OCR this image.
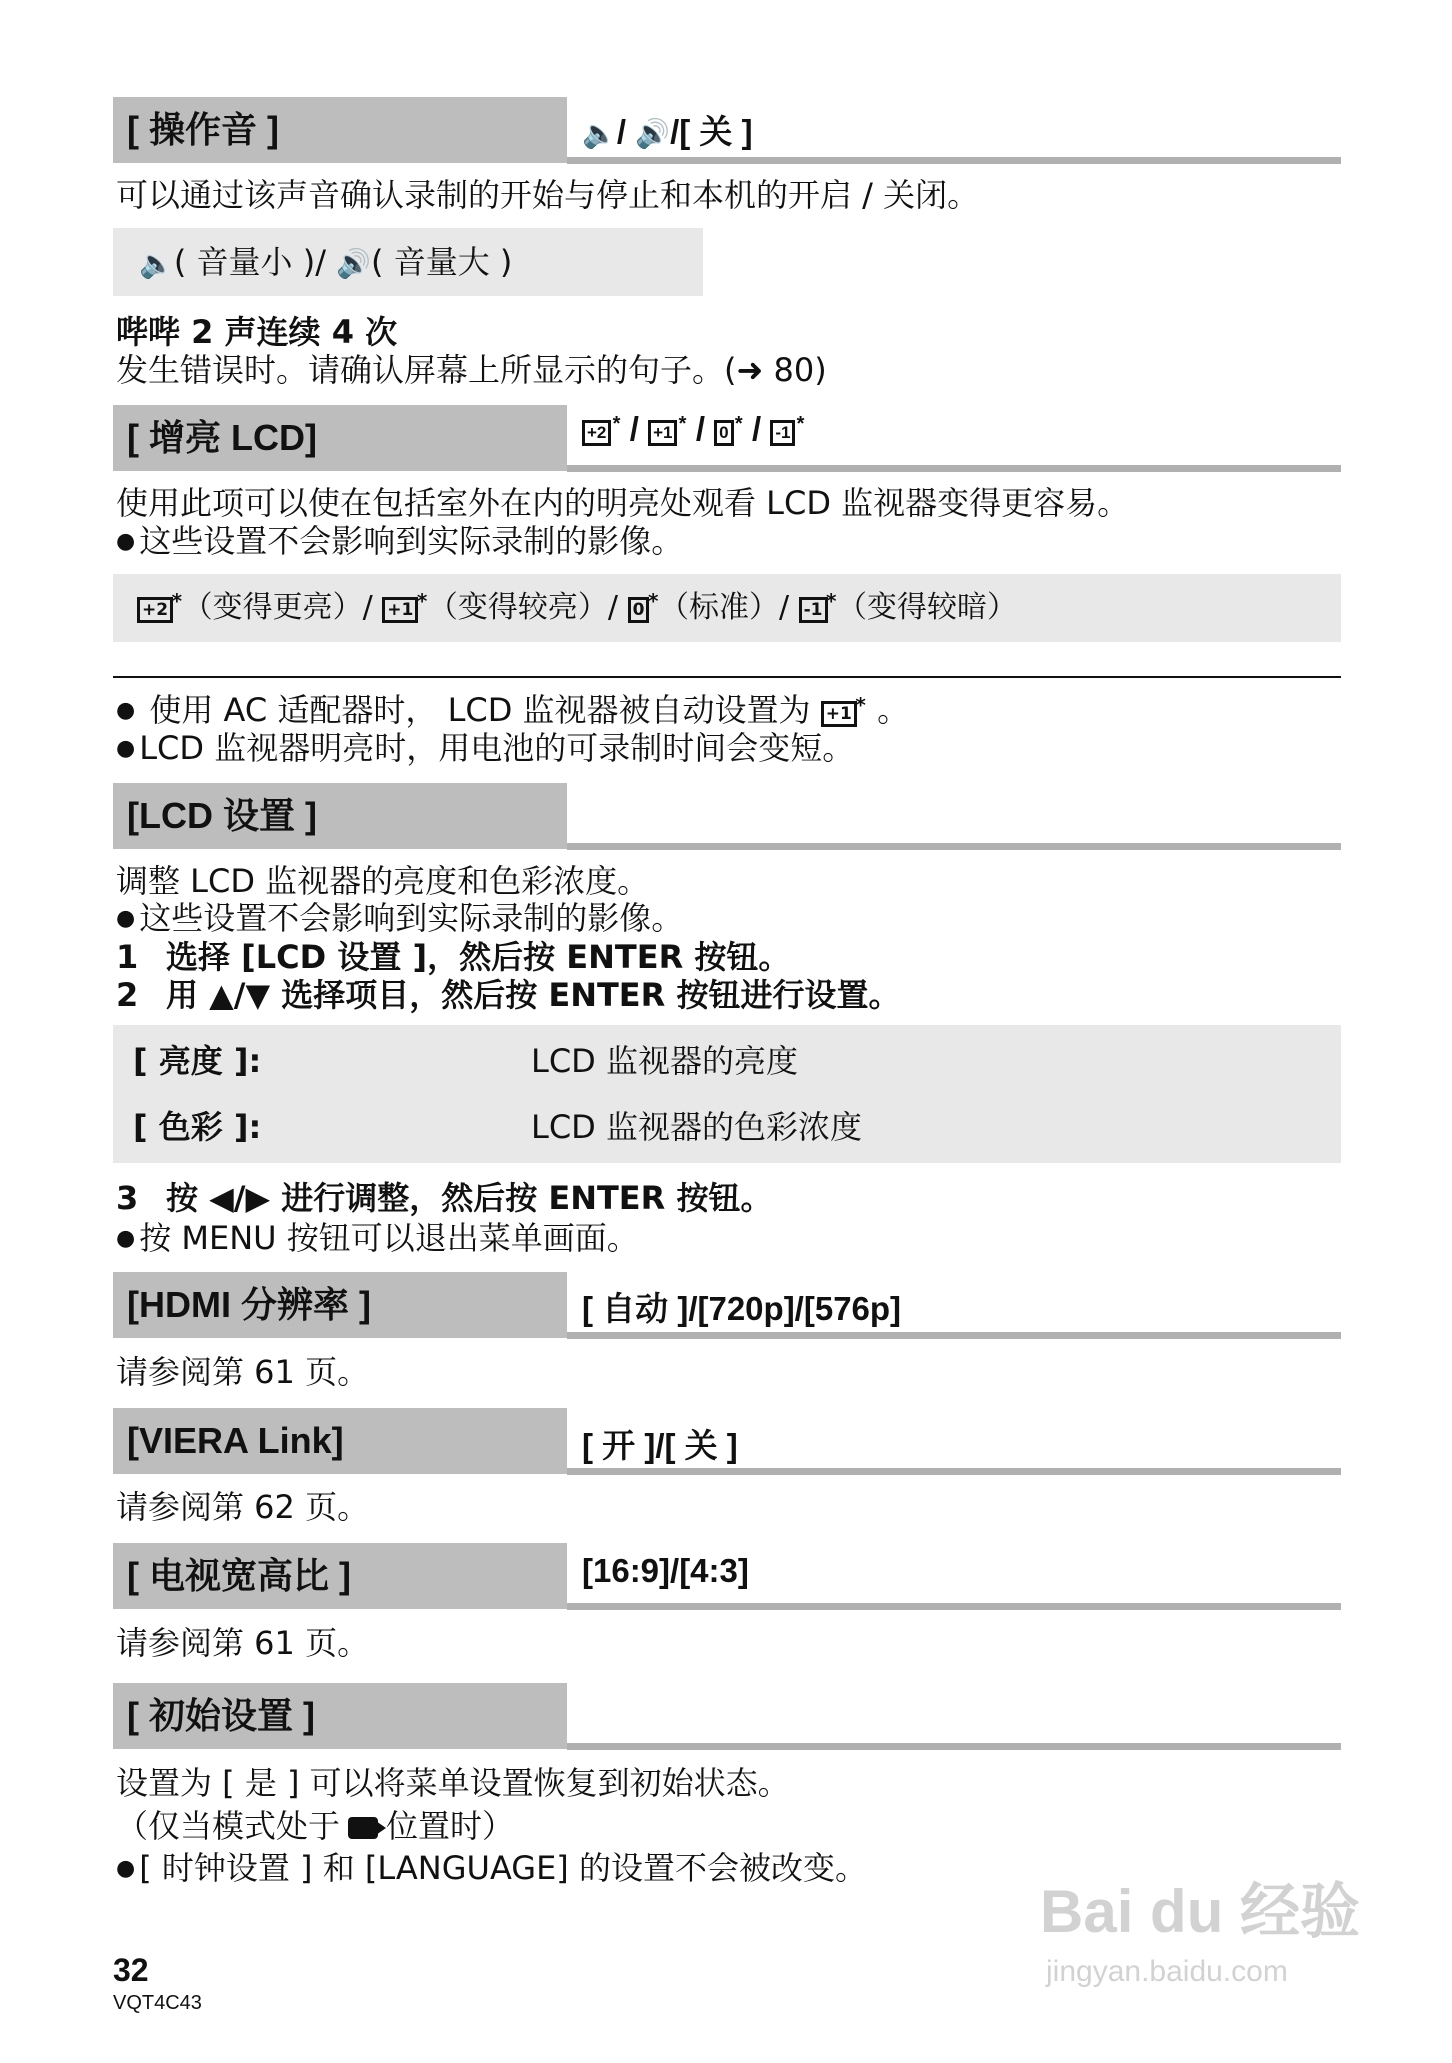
[ 操作音 ]	🔈/ 🔊/[ 关 ]
可以通过该声音确认录制的开始与停止和本机的开启 / 关闭。
🔈( 音量小 )/ 🔊( 音量大 )
哔哔 2 声连续 4 次
发生错误时。请确认屏幕上所显示的句子。(➜ 80)
[ 增亮 LCD]	+2 * / +1 * / 0 * / -1 *
使用此项可以使在包括室外在内的明亮处观看 LCD 监视器变得更容易。
● 这些设置不会影响到实际录制的影像。
+2 * （变得更亮）/ +1 * （变得较亮）/ 0 * （标准）/ -1 * （变得较暗）
● 使用 AC 适配器时， LCD 监视器被自动设置为 +1 * 。
● LCD 监视器明亮时，用电池的可录制时间会变短。
[LCD 设置 ]
调整 LCD 监视器的亮度和色彩浓度。
● 这些设置不会影响到实际录制的影像。
1 选择 [LCD 设置 ]，然后按 ENTER 按钮。
2 用 ▲/▼ 选择项目，然后按 ENTER 按钮进行设置。
[ 亮度 ]:	LCD 监视器的亮度
[ 色彩 ]:	LCD 监视器的色彩浓度
3 按 ◀/▶ 进行调整，然后按 ENTER 按钮。
● 按 MENU 按钮可以退出菜单画面。
[HDMI 分辨率 ]	[ 自动 ]/[720p]/[576p]
请参阅第 61 页。
[VIERA Link]	[ 开 ]/[ 关 ]
请参阅第 62 页。
[ 电视宽高比 ]	[16:9]/[4:3]
请参阅第 61 页。
[ 初始设置 ]
设置为 [ 是 ] 可以将菜单设置恢复到初始状态。
（仅当模式处于 位置时）
● [ 时钟设置 ] 和 [LANGUAGE] 的设置不会被改变。
32
VQT4C43
Bai du 经验
jingyan.baidu.com
